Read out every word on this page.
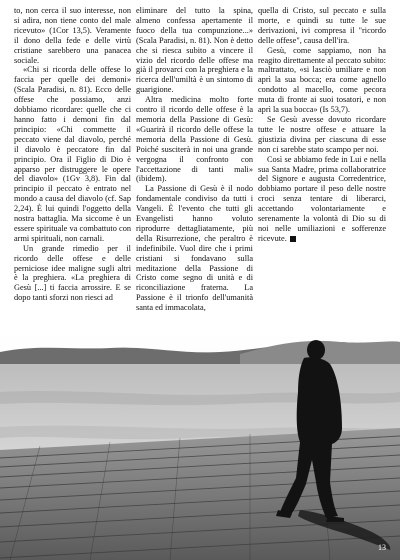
to, non cerca il suo interesse, non si adira, non tiene conto del male ricevuto» (1Cor 13,5). Veramente il dono della fede e delle virtù cristiane sarebbero una panacea sociale.

«Chi si ricorda delle offese lo faccia per quelle dei demoni» (Scala Paradisi, n. 81). Ecco delle offese che possiamo, anzi dobbiamo ricordare: quelle che ci hanno fatto i demoni fin dal principio: «Chi commette il peccato viene dal diavolo, perché il diavolo è peccatore fin dal principio. Ora il Figlio di Dio è apparso per distruggere le opere del diavolo» (1Gv 3,8). Fin dal principio il peccato è entrato nel mondo a causa del diavolo (cf. Sap 2,24). È lui quindi l'oggetto della nostra battaglia. Ma siccome è un essere spirituale va combattuto con armi spirituali, non carnali.

Un grande rimedio per il ricordo delle offese e delle perniciose idee maligne sugli altri è la preghiera. «La preghiera di Gesù [...] ti faccia arrossire. E se dopo tanti sforzi non riesci ad

eliminare del tutto la spina, almeno confessa apertamente il fuoco della tua compunzione...» (Scala Paradisi, n. 81). Non è detto che si riesca subito a vincere il vizio del ricordo delle offese ma già il provarci con la preghiera e la ricerca dell'umiltà è un sintomo di guarigione.

Altra medicina molto forte contro il ricordo delle offese è la memoria della Passione di Gesù: «Guarirà il ricordo delle offese la memoria della Passione di Gesù. Poiché susciterà in noi una grande vergogna il confronto con l'accettazione di tanti mali» (ibidem).

La Passione di Gesù è il nodo fondamentale condiviso da tutti i Vangeli. È l'evento che tutti gli Evangelisti hanno voluto riprodurre dettagliatamente, più della Risurrezione, che peraltro è indefinibile. Vuol dire che i primi cristiani si fondavano sulla meditazione della Passione di Cristo come segno di unità e di riconciliazione fraterna. La Passione è il trionfo dell'umanità santa ed immacolata,

quella di Cristo, sul peccato e sulla morte, e quindi su tutte le sue derivazioni, ivi compresa il "ricordo delle offese", causa dell'ira.

Gesù, come sappiamo, non ha reagito direttamente al peccato subito: maltrattato, «si lasciò umiliare e non aprì la sua bocca; era come agnello condotto al macello, come pecora muta di fronte ai suoi tosatori, e non aprì la sua bocca» (Is 53,7).

Se Gesù avesse dovuto ricordare tutte le nostre offese e attuare la giustizia divina per ciascuna di esse non ci sarebbe stato scampo per noi.

Così se abbiamo fede in Lui e nella sua Santa Madre, prima collaboratrice del Signore e augusta Corredentrice, dobbiamo portare il peso delle nostre croci senza tentare di liberarci, accettando volontariamente e serenamente la volontà di Dio su di noi nelle umiliazioni e sofferenze ricevute.

13
